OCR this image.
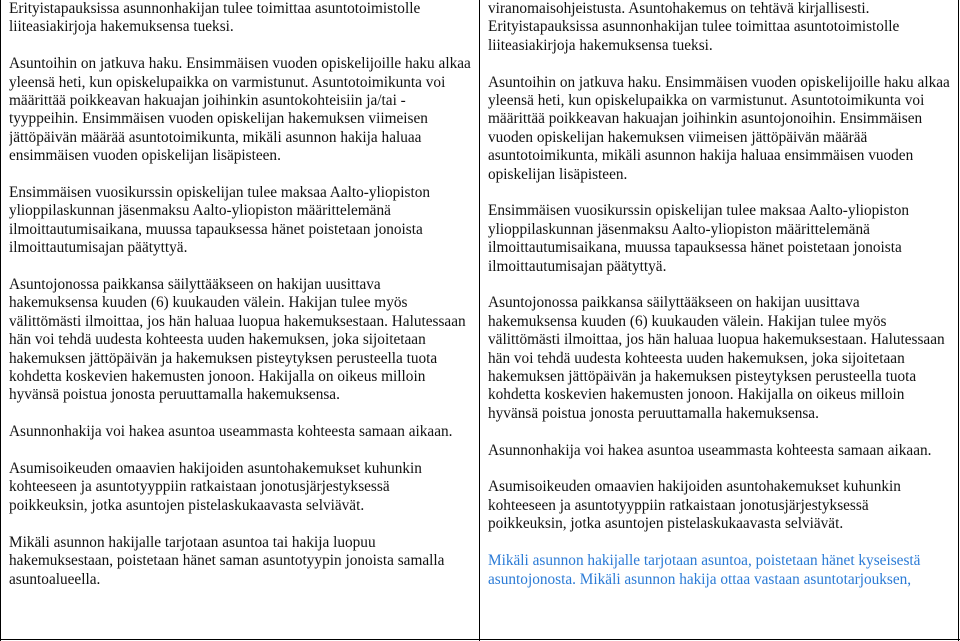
Erityistapauksissa asunnonhakijan tulee toimittaa asuntotoimistolle liiteasiakirjoja hakemuksensa tueksi.

Asuntoihin on jatkuva haku. Ensimmäisen vuoden opiskelijoille haku alkaa yleensä heti, kun opiskelupaikka on varmistunut. Asuntotoimikunta voi määrittää poikkeavan hakuajan joihinkin asuntokohteisiin ja/tai -tyyppeihin. Ensimmäisen vuoden opiskelijan hakemuksen viimeisen jättöpäivän määrää asuntotoimikunta, mikäli asunnon hakija haluaa ensimmäisen vuoden opiskelijan lisäpisteen.

Ensimmäisen vuosikurssin opiskelijan tulee maksaa Aalto-yliopiston ylioppilaskunnan jäsenmaksu Aalto-yliopiston määrittelemänä ilmoittautumisaikana, muussa tapauksessa hänet poistetaan jonoista ilmoittautumisajan päätyttyä.

Asuntojonossa paikkansa säilyttääkseen on hakijan uusittava hakemuksensa kuuden (6) kuukauden välein. Hakijan tulee myös välittömästi ilmoittaa, jos hän haluaa luopua hakemuksestaan. Halutessaan hän voi tehdä uudesta kohteesta uuden hakemuksen, joka sijoitetaan hakemuksen jättöpäivän ja hakemuksen pisteytyksen perusteella tuota kohdetta koskevien hakemusten jonoon. Hakijalla on oikeus milloin hyvänsä poistua jonosta peruuttamalla hakemuksensa.

Asunnonhakija voi hakea asuntoa useammasta kohteesta samaan aikaan.

Asumisoikeuden omaavien hakijoiden asuntohakemukset kuhunkin kohteeseen ja asuntotyyppiin ratkaistaan jonotusjärjestyksessä poikkeuksin, jotka asuntojen pistelaskukaavasta selviävät.

Mikäli asunnon hakijalle tarjotaan asuntoa tai hakija luopuu hakemuksestaan, poistetaan hänet saman asuntotyypin jonoista samalla asuntoalueella.

viranomaisohjeistusta. Asuntohakemus on tehtävä kirjallisesti. Erityistapauksissa asunnonhakijan tulee toimittaa asuntotoimistolle liiteasiakirjoja hakemuksensa tueksi.

Asuntoihin on jatkuva haku. Ensimmäisen vuoden opiskelijoille haku alkaa yleensä heti, kun opiskelupaikka on varmistunut. Asuntotoimikunta voi määrittää poikkeavan hakuajan joihinkin asuntojonoihin. Ensimmäisen vuoden opiskelijan hakemuksen viimeisen jättöpäivän määrää asuntotoimikunta, mikäli asunnon hakija haluaa ensimmäisen vuoden opiskelijan lisäpisteen.

Ensimmäisen vuosikurssin opiskelijan tulee maksaa Aalto-yliopiston ylioppilaskunnan jäsenmaksu Aalto-yliopiston määrittelemänä ilmoittautumisaikana, muussa tapauksessa hänet poistetaan jonoista ilmoittautumisajan päätyttyä.

Asuntojonossa paikkansa säilyttääkseen on hakijan uusittava hakemuksensa kuuden (6) kuukauden välein. Hakijan tulee myös välittömästi ilmoittaa, jos hän haluaa luopua hakemuksestaan. Halutessaan hän voi tehdä uudesta kohteesta uuden hakemuksen, joka sijoitetaan hakemuksen jättöpäivän ja hakemuksen pisteytyksen perusteella tuota kohdetta koskevien hakemusten jonoon. Hakijalla on oikeus milloin hyvänsä poistua jonosta peruuttamalla hakemuksensa.

Asunnonhakija voi hakea asuntoa useammasta kohteesta samaan aikaan.

Asumisoikeuden omaavien hakijoiden asuntohakemukset kuhunkin kohteeseen ja asuntotyyppiin ratkaistaan jonotusjärjestyksessä poikkeuksin, jotka asuntojen pistelaskukaavasta selviävät.

Mikäli asunnon hakijalle tarjotaan asuntoa, poistetaan hänet kyseisestä asuntojonosta. Mikäli asunnon hakija ottaa vastaan asuntotarjouksen,
